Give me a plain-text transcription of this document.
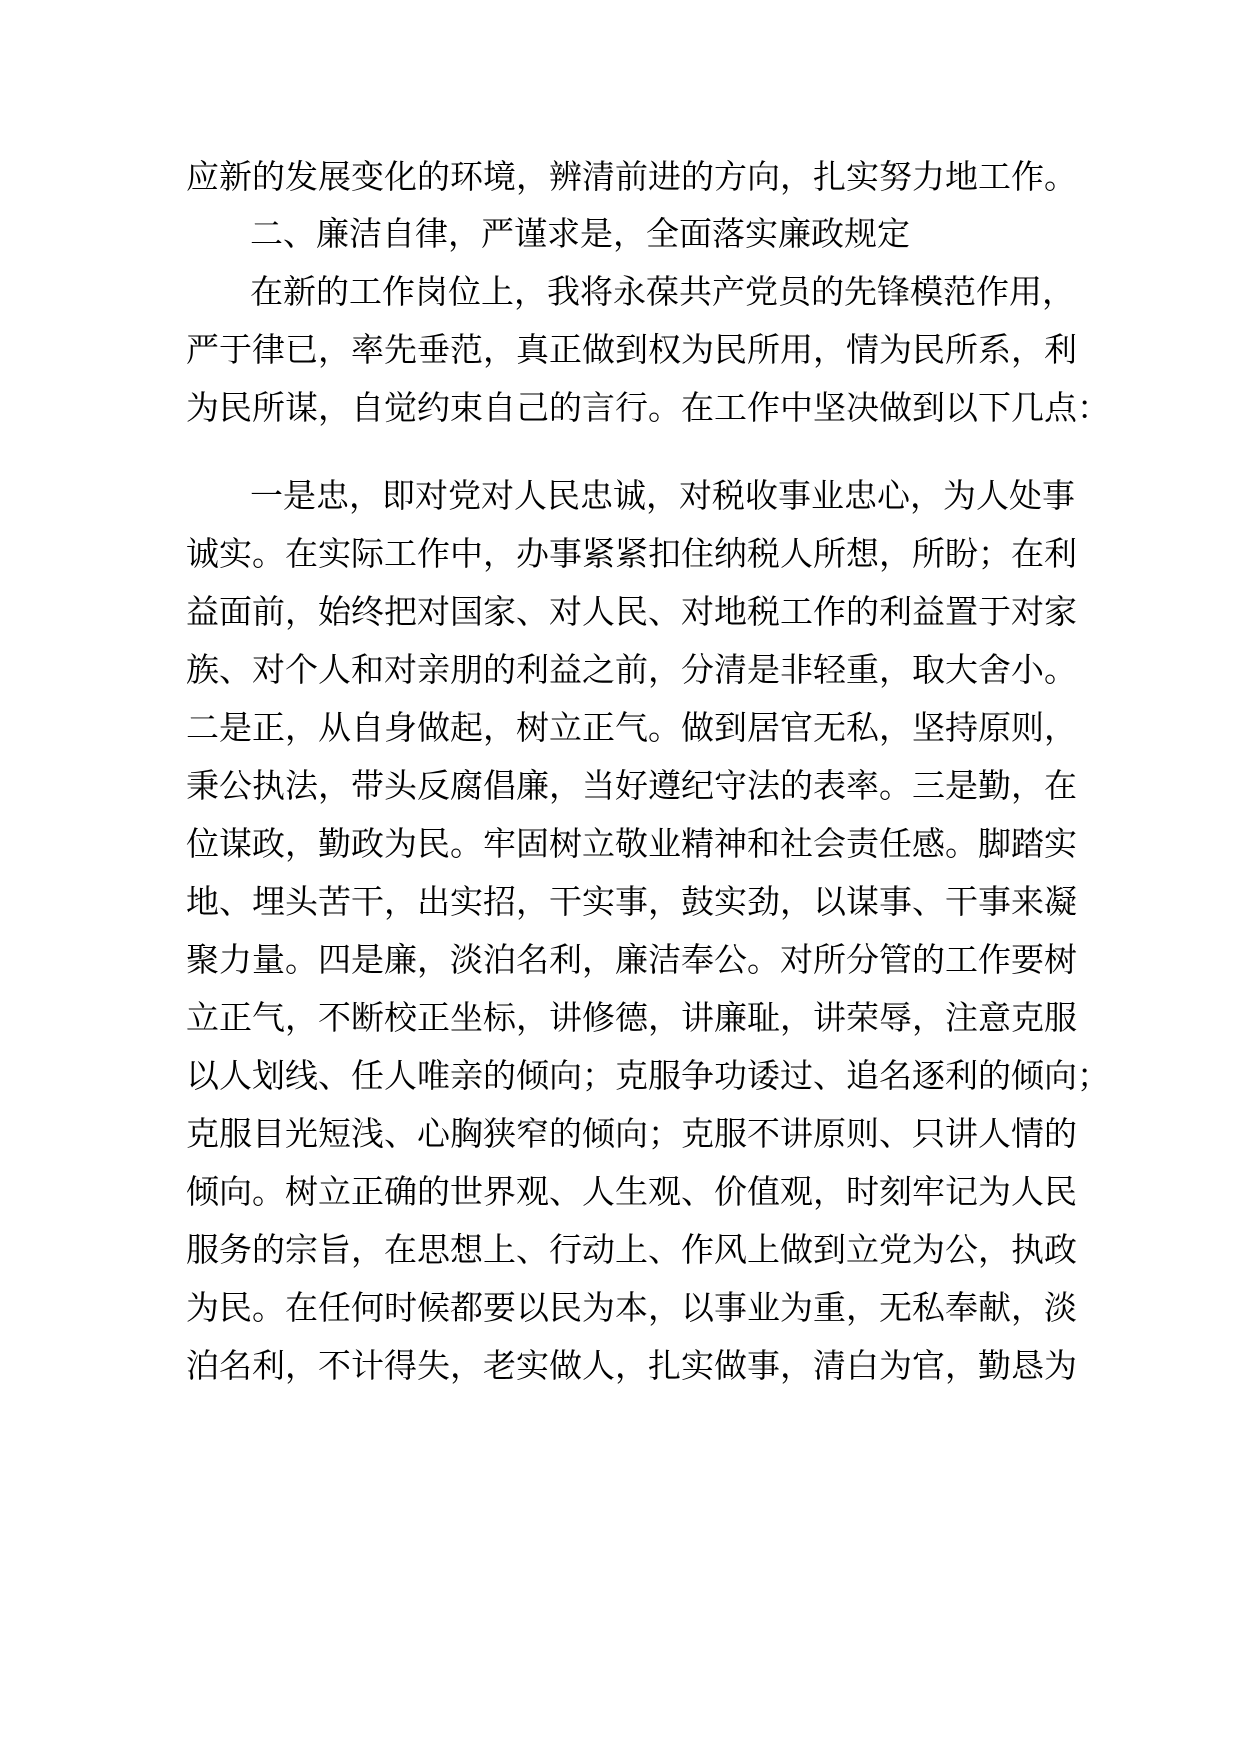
应新的发展变化的环境，辨清前进的方向，扎实努力地工作。
二、廉洁自律，严谨求是，全面落实廉政规定
在新的工作岗位上，我将永葆共产党员的先锋模范作用，
严于律已，率先垂范，真正做到权为民所用，情为民所系，利
为民所谋，自觉约束自己的言行。在工作中坚决做到以下几点：
一是忠，即对党对人民忠诚，对税收事业忠心，为人处事
诚实。在实际工作中，办事紧紧扣住纳税人所想，所盼；在利
益面前，始终把对国家、对人民、对地税工作的利益置于对家
族、对个人和对亲朋的利益之前，分清是非轻重，取大舍小。
二是正，从自身做起，树立正气。做到居官无私，坚持原则，
秉公执法，带头反腐倡廉，当好遵纪守法的表率。三是勤，在
位谋政，勤政为民。牢固树立敬业精神和社会责任感。脚踏实
地、埋头苦干，出实招，干实事，鼓实劲，以谋事、干事来凝
聚力量。四是廉，淡泊名利，廉洁奉公。对所分管的工作要树
立正气，不断校正坐标，讲修德，讲廉耻，讲荣辱，注意克服
以人划线、任人唯亲的倾向；克服争功诿过、追名逐利的倾向；
克服目光短浅、心胸狭窄的倾向；克服不讲原则、只讲人情的
倾向。树立正确的世界观、人生观、价值观，时刻牢记为人民
服务的宗旨，在思想上、行动上、作风上做到立党为公，执政
为民。在任何时候都要以民为本，以事业为重，无私奉献，淡
泊名利，不计得失，老实做人，扎实做事，清白为官，勤恳为
